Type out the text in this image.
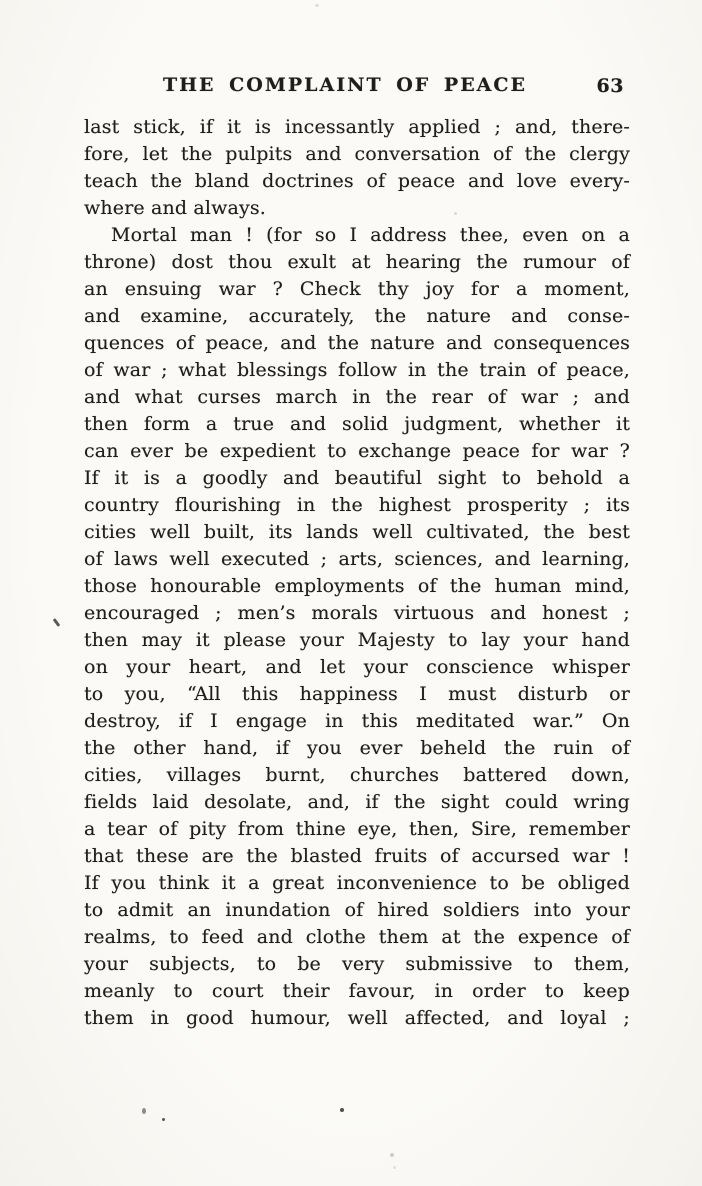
THE COMPLAINT OF PEACE	63
last stick, if it is incessantly applied ; and, there-
fore, let the pulpits and conversation of the clergy
teach the bland doctrines of peace and love every-
where and always.
Mortal man ! (for so I address thee, even on a
throne) dost thou exult at hearing the rumour of
an ensuing war ? Check thy joy for a moment,
and examine, accurately, the nature and conse-
quences of peace, and the nature and consequences
of war ; what blessings follow in the train of peace,
and what curses march in the rear of war ; and
then form a true and solid judgment, whether it
can ever be expedient to exchange peace for war ?
If it is a goodly and beautiful sight to behold a
country flourishing in the highest prosperity ; its
cities well built, its lands well cultivated, the best
of laws well executed ; arts, sciences, and learning,
those honourable employments of the human mind,
encouraged ; men’s morals virtuous and honest ;
then may it please your Majesty to lay your hand
on your heart, and let your conscience whisper
to you, “All this happiness I must disturb or
destroy, if I engage in this meditated war.” On
the other hand, if you ever beheld the ruin of
cities, villages burnt, churches battered down,
fields laid desolate, and, if the sight could wring
a tear of pity from thine eye, then, Sire, remember
that these are the blasted fruits of accursed war !
If you think it a great inconvenience to be obliged
to admit an inundation of hired soldiers into your
realms, to feed and clothe them at the expence of
your subjects, to be very submissive to them,
meanly to court their favour, in order to keep
them in good humour, well affected, and loyal ;
